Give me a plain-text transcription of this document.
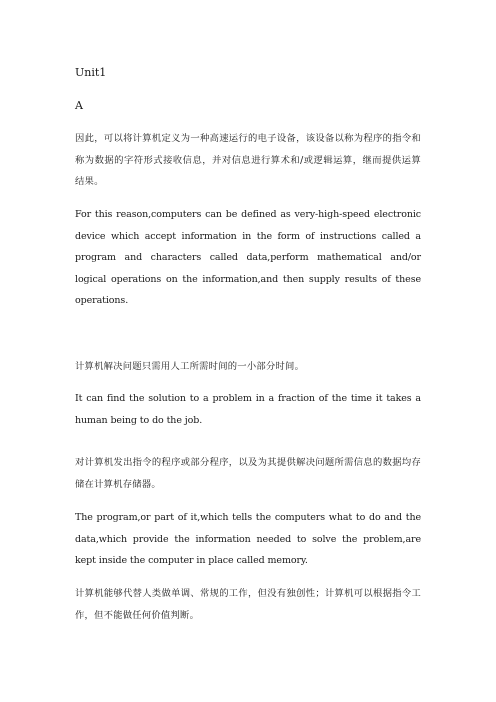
Unit1

A

因此，可以将计算机定义为一种高速运行的电子设备，该设备以称为程序的指令和称为数据的字符形式接收信息，并对信息进行算术和/或逻辑运算，继而提供运算结果。

For this reason,computers can be defined as very-high-speed electronic device which accept information in the form of instructions called a program and characters called data,perform mathematical and/or logical operations on the information,and then supply results of these operations.

计算机解决问题只需用人工所需时间的一小部分时间。

It can find the solution to a problem in a fraction of the time it takes a human being to do the job.

对计算机发出指令的程序或部分程序，以及为其提供解决问题所需信息的数据均存储在计算机存储器。

The program,or part of it,which tells the computers what to do and the data,which provide the information needed to solve the problem,are kept inside the computer in place called memory.

计算机能够代替人类做单调、常规的工作，但没有独创性；计算机可以根据指令工作，但不能做任何价值判断。
